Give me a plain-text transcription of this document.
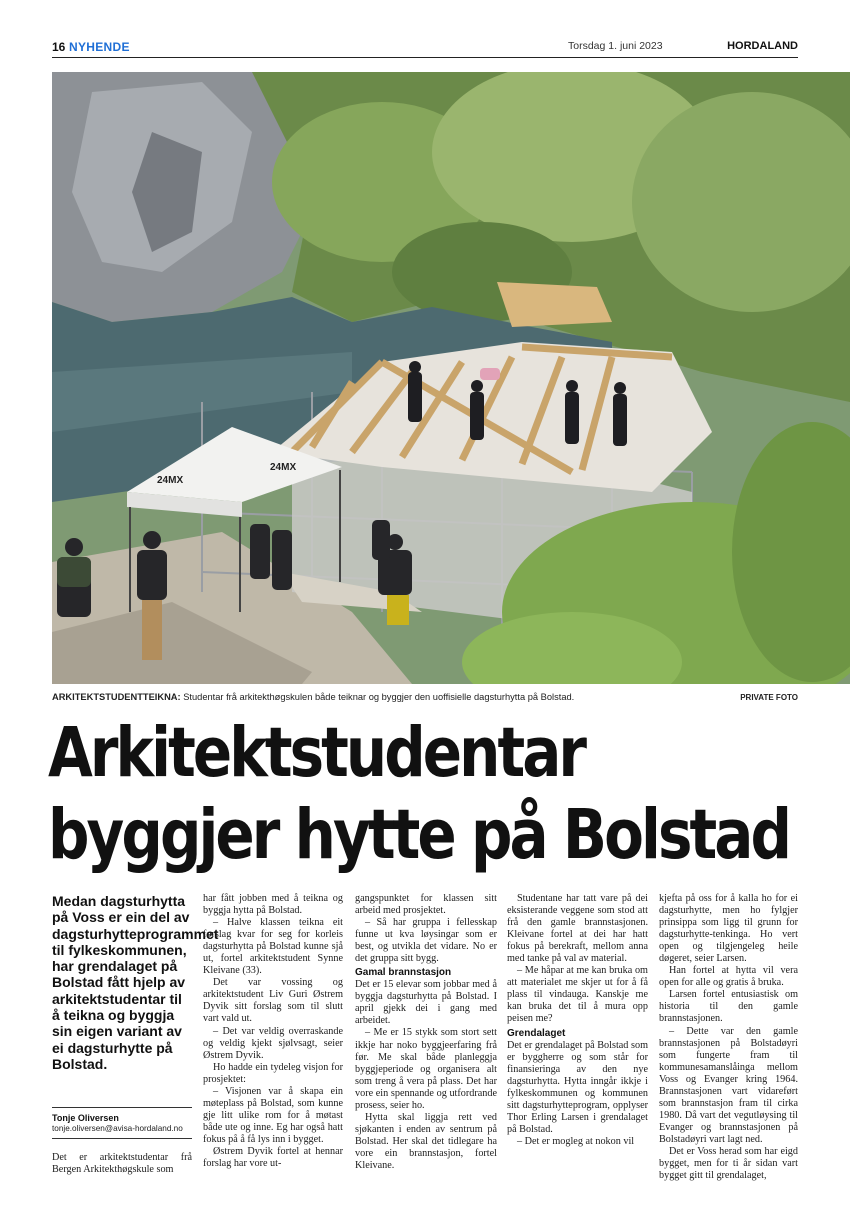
16 NYHENDE	Torsdag 1. juni 2023	HORDALAND
24MX
24MX
ARKITEKTSTUDENTTEIKNA: Studentar frå arkitekthøgskulen både teiknar og byggjer den uoffisielle dagsturhytta på Bolstad.	PRIVATE FOTO
Arkitektstudentar
byggjer hytte på Bolstad

Medan dagsturhytta på Voss er ein del av dagsturhytteprogrammet til fylkeskommunen, har grendalaget på Bolstad fått hjelp av arkitektstudentar til å teikna og byggja sin eigen variant av ei dagsturhytte på Bolstad.

Tonje Oliversen
tonje.oliversen@avisa-hordaland.no

Det er arkitektstudentar frå Bergen Arkitekthøgskule som

har fått jobben med å teikna og byggja hytta på Bolstad.

– Halve klassen teikna eit forslag kvar for seg for korleis dagsturhytta på Bolstad kunne sjå ut, fortel arkitektstudent Synne Kleivane (33).

Det var vossing og arkitektstudent Liv Guri Østrem Dyvik sitt forslag som til slutt vart vald ut.

– Det var veldig overraskande og veldig kjekt sjølvsagt, seier Østrem Dyvik.

Ho hadde ein tydeleg visjon for prosjektet:

– Visjonen var å skapa ein møteplass på Bolstad, som kunne gje litt ulike rom for å møtast både ute og inne. Eg har også hatt fokus på å få lys inn i bygget.

Østrem Dyvik fortel at hennar forslag har vore ut-

gangspunktet for klassen sitt arbeid med prosjektet.

– Så har gruppa i fellesskap funne ut kva løysingar som er best, og utvikla det vidare. No er det gruppa sitt bygg.

Gamal brannstasjon

Det er 15 elevar som jobbar med å byggja dagsturhytta på Bolstad. I april gjekk dei i gang med arbeidet.

– Me er 15 stykk som stort sett ikkje har noko byggjeerfaring frå før. Me skal både planleggja byggjeperiode og organisera alt som treng å vera på plass. Det har vore ein spennande og utfordrande prosess, seier ho.

Hytta skal liggja rett ved sjøkanten i enden av sentrum på Bolstad. Her skal det tidlegare ha vore ein brannstasjon, fortel Kleivane.

Studentane har tatt vare på dei eksisterande veggene som stod att frå den gamle brannstasjonen. Kleivane fortel at dei har hatt fokus på berekraft, mellom anna med tanke på val av material.

– Me håpar at me kan bruka om att materialet me skjer ut for å få plass til vindauga. Kanskje me kan bruka det til å mura opp peisen me?

Grendalaget

Det er grendalaget på Bolstad som er byggherre og som står for finansieringa av den nye dagsturhytta. Hytta inngår ikkje i fylkeskommunen og kommunen sitt dagsturhytteprogram, opplyser Thor Erling Larsen i grendalaget på Bolstad.

– Det er mogleg at nokon vil

kjefta på oss for å kalla ho for ei dagsturhytte, men ho fylgjer prinsippa som ligg til grunn for dagsturhytte-tenkinga. Ho vert open og tilgjengeleg heile døgeret, seier Larsen.

Han fortel at hytta vil vera open for alle og gratis å bruka.

Larsen fortel entusiastisk om historia til den gamle brannstasjonen.

– Dette var den gamle brannstasjonen på Bolstadøyri som fungerte fram til kommunesamanslåinga mellom Voss og Evanger kring 1964. Brannstasjonen vart vidareført som brannstasjon fram til cirka 1980. Då vart det vegutløysing til Evanger og brannstasjonen på Bolstadøyri vart lagt ned.

Det er Voss herad som har eigd bygget, men for ti år sidan vart bygget gitt til grendalaget,
